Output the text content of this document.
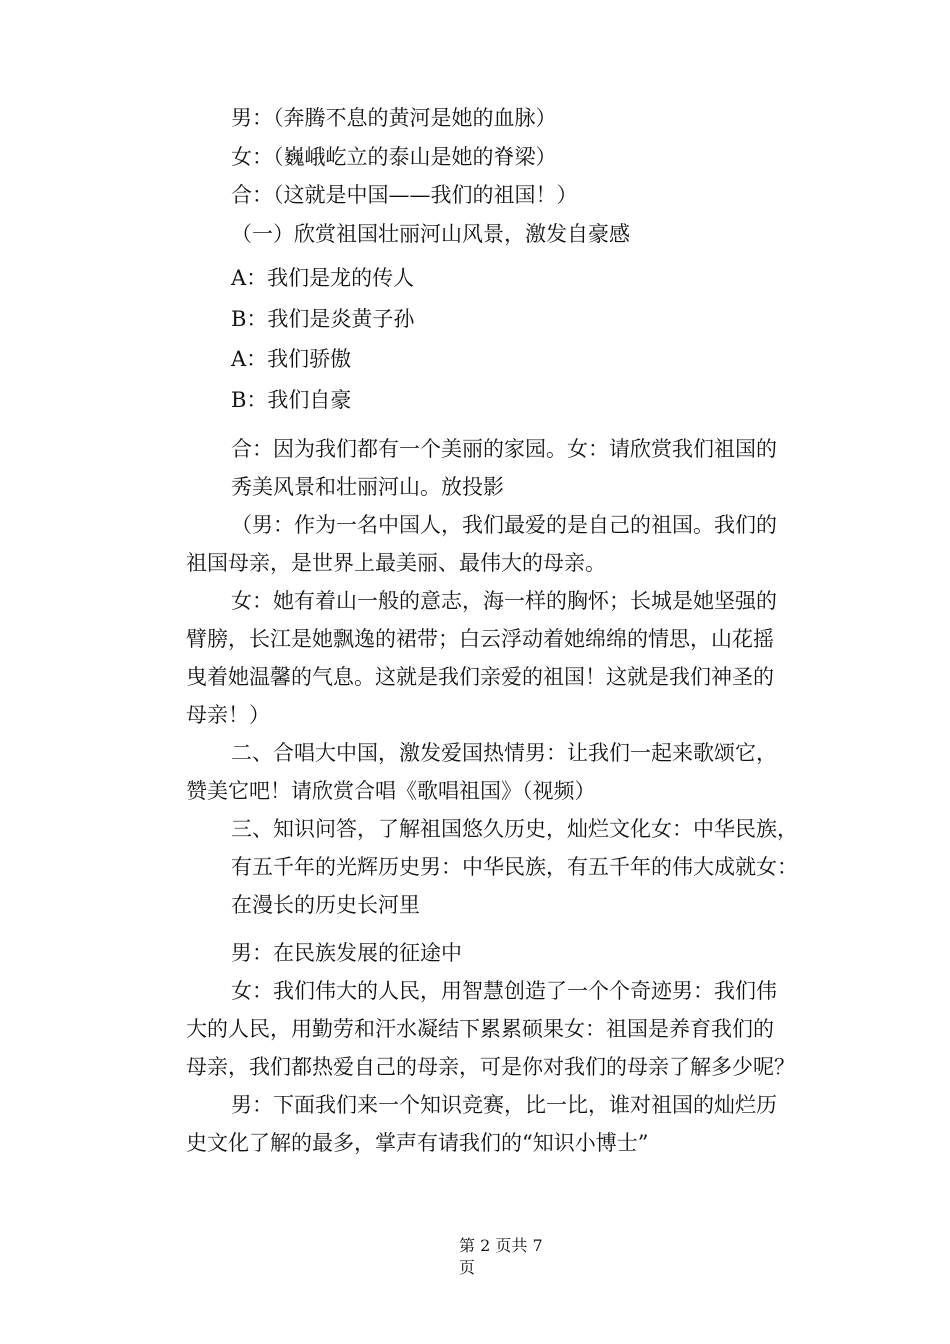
男：（奔腾不息的黄河是她的血脉）
女：（巍峨屹立的泰山是她的脊梁）
合：（这就是中国——我们的祖国！）
（一）欣赏祖国壮丽河山风景，激发自豪感
A：我们是龙的传人
B：我们是炎黄子孙
A：我们骄傲
B：我们自豪
合：因为我们都有一个美丽的家园。女：请欣赏我们祖国的
秀美风景和壮丽河山。放投影
（男：作为一名中国人，我们最爱的是自己的祖国。我们的
祖国母亲，是世界上最美丽、最伟大的母亲。
女：她有着山一般的意志，海一样的胸怀；长城是她坚强的
臂膀，长江是她飘逸的裙带；白云浮动着她绵绵的情思，山花摇
曳着她温馨的气息。这就是我们亲爱的祖国！这就是我们神圣的
母亲！）
二、合唱大中国，激发爱国热情男：让我们一起来歌颂它，
赞美它吧！请欣赏合唱《歌唱祖国》（视频）
三、知识问答，了解祖国悠久历史，灿烂文化女：中华民族，
有五千年的光辉历史男：中华民族，有五千年的伟大成就女：
在漫长的历史长河里
男：在民族发展的征途中
女：我们伟大的人民，用智慧创造了一个个奇迹男：我们伟
大的人民，用勤劳和汗水凝结下累累硕果女：祖国是养育我们的
母亲，我们都热爱自己的母亲，可是你对我们的母亲了解多少呢？
男：下面我们来一个知识竞赛，比一比，谁对祖国的灿烂历
史文化了解的最多，掌声有请我们的“知识小博士”
第 2 页共 7
页
